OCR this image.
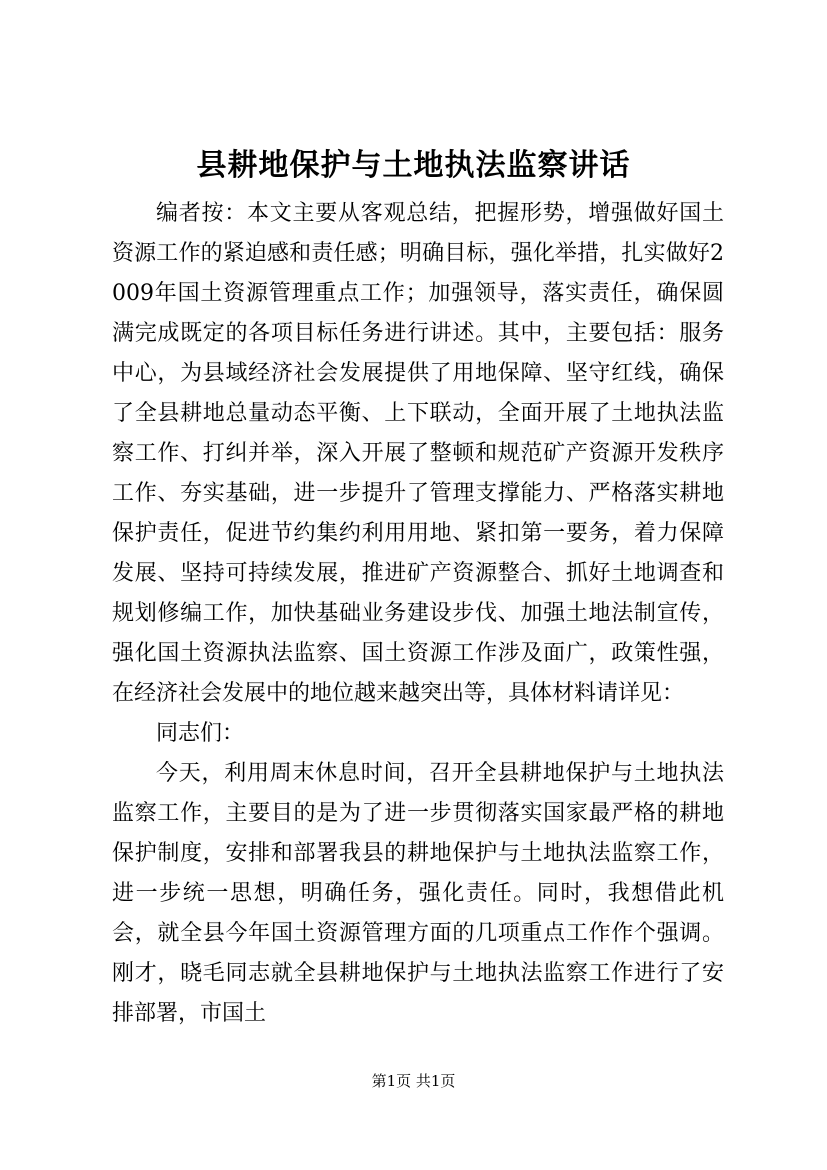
县耕地保护与土地执法监察讲话

编者按：本文主要从客观总结，把握形势，增强做好国土资源工作的紧迫感和责任感；明确目标，强化举措，扎实做好2009年国土资源管理重点工作；加强领导，落实责任，确保圆满完成既定的各项目标任务进行讲述。其中，主要包括：服务中心，为县域经济社会发展提供了用地保障、坚守红线，确保了全县耕地总量动态平衡、上下联动，全面开展了土地执法监察工作、打纠并举，深入开展了整顿和规范矿产资源开发秩序工作、夯实基础，进一步提升了管理支撑能力、严格落实耕地保护责任，促进节约集约利用用地、紧扣第一要务，着力保障发展、坚持可持续发展，推进矿产资源整合、抓好土地调查和规划修编工作，加快基础业务建设步伐、加强土地法制宣传，强化国土资源执法监察、国土资源工作涉及面广，政策性强，在经济社会发展中的地位越来越突出等，具体材料请详见：

同志们：

今天，利用周末休息时间，召开全县耕地保护与土地执法监察工作，主要目的是为了进一步贯彻落实国家最严格的耕地保护制度，安排和部署我县的耕地保护与土地执法监察工作，进一步统一思想，明确任务，强化责任。同时，我想借此机会，就全县今年国土资源管理方面的几项重点工作作个强调。刚才，晓毛同志就全县耕地保护与土地执法监察工作进行了安排部署，市国土

第1页 共1页
